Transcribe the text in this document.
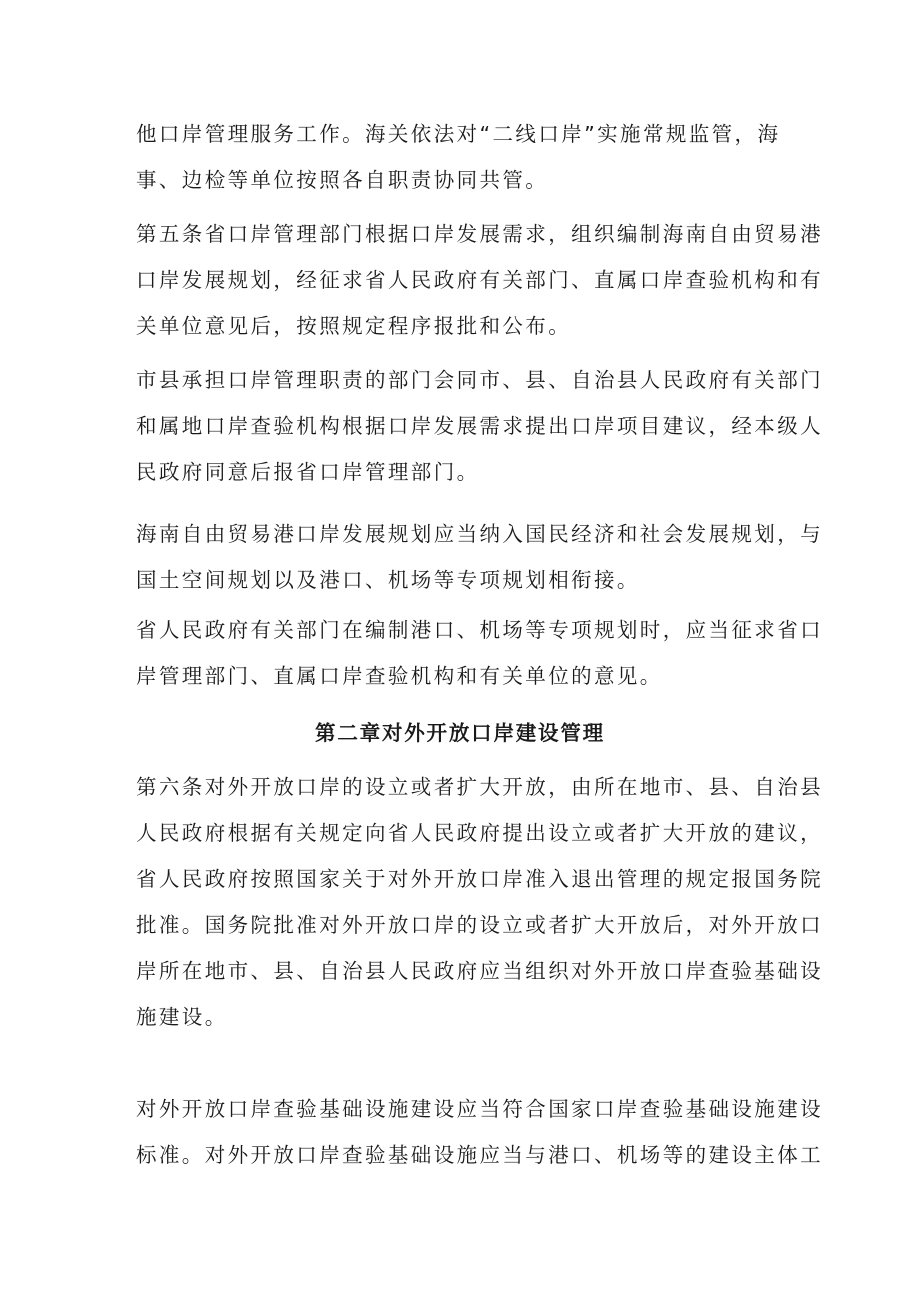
他口岸管理服务工作。海关依法对“二线口岸”实施常规监管，海
事、边检等单位按照各自职责协同共管。
第五条省口岸管理部门根据口岸发展需求，组织编制海南自由贸易港
口岸发展规划，经征求省人民政府有关部门、直属口岸查验机构和有
关单位意见后，按照规定程序报批和公布。
市县承担口岸管理职责的部门会同市、县、自治县人民政府有关部门
和属地口岸查验机构根据口岸发展需求提出口岸项目建议，经本级人
民政府同意后报省口岸管理部门。
海南自由贸易港口岸发展规划应当纳入国民经济和社会发展规划，与
国土空间规划以及港口、机场等专项规划相衔接。
省人民政府有关部门在编制港口、机场等专项规划时，应当征求省口
岸管理部门、直属口岸查验机构和有关单位的意见。
第二章对外开放口岸建设管理
第六条对外开放口岸的设立或者扩大开放，由所在地市、县、自治县
人民政府根据有关规定向省人民政府提出设立或者扩大开放的建议，
省人民政府按照国家关于对外开放口岸准入退出管理的规定报国务院
批准。国务院批准对外开放口岸的设立或者扩大开放后，对外开放口
岸所在地市、县、自治县人民政府应当组织对外开放口岸查验基础设
施建设。
对外开放口岸查验基础设施建设应当符合国家口岸查验基础设施建设
标准。对外开放口岸查验基础设施应当与港口、机场等的建设主体工
